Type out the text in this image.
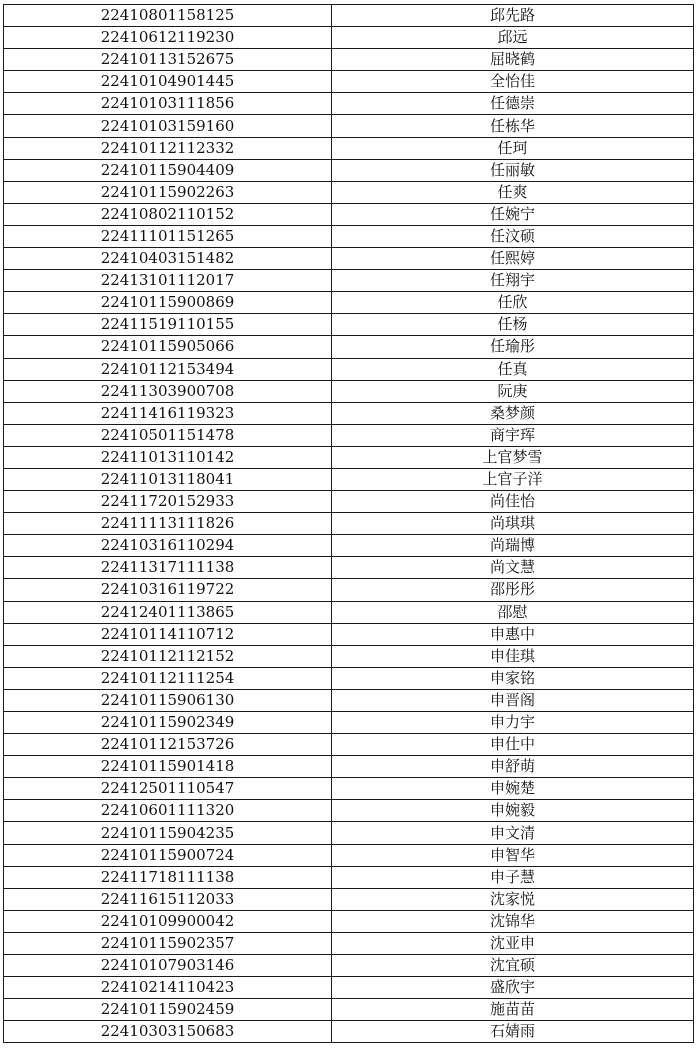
22410801158125	邱先路
22410612119230	邱远
22410113152675	屈晓鹤
22410104901445	全怡佳
22410103111856	任德崇
22410103159160	任栋华
22410112112332	任珂
22410115904409	任丽敏
22410115902263	任爽
22410802110152	任婉宁
22411101151265	任汶硕
22410403151482	任熙婷
22413101112017	任翔宇
22410115900869	任欣
22411519110155	任杨
22410115905066	任瑜彤
22410112153494	任真
22411303900708	阮庚
22411416119323	桑梦颜
22410501151478	商宇珲
22411013110142	上官梦雪
22411013118041	上官子洋
22411720152933	尚佳怡
22411113111826	尚琪琪
22410316110294	尚瑞博
22411317111138	尚文慧
22410316119722	邵彤彤
22412401113865	邵慰
22410114110712	申惠中
22410112112152	申佳琪
22410112111254	申家铭
22410115906130	申晋阁
22410115902349	申力宇
22410112153726	申仕中
22410115901418	申舒萌
22412501110547	申婉楚
22410601111320	申婉毅
22410115904235	申文清
22410115900724	申智华
22411718111138	申子慧
22411615112033	沈家悦
22410109900042	沈锦华
22410115902357	沈亚申
22410107903146	沈宜硕
22410214110423	盛欣宇
22410115902459	施苗苗
22410303150683	石婧雨
